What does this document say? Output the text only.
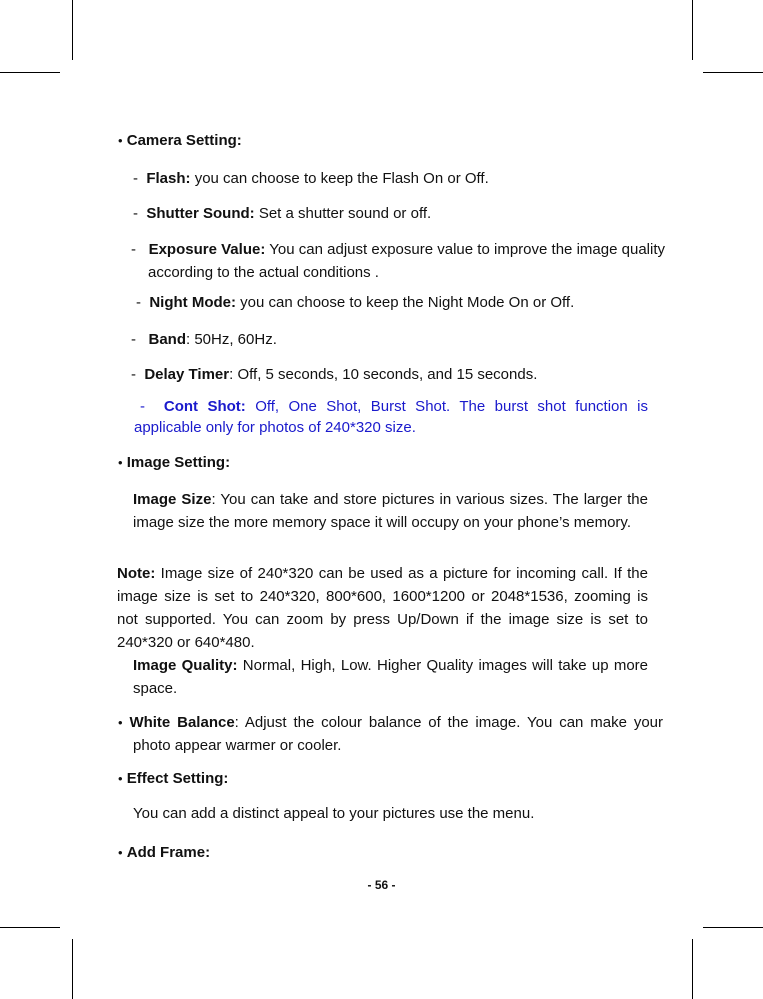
• Camera Setting:

-  Flash: you can choose to keep the Flash On or Off.

-  Shutter Sound: Set a shutter sound or off.

-   Exposure Value: You can adjust exposure value to improve the image quality according to the actual conditions .

-  Night Mode: you can choose to keep the Night Mode On or Off.

-   Band: 50Hz, 60Hz.

-  Delay Timer: Off, 5 seconds, 10 seconds, and 15 seconds.

-  Cont Shot: Off, One Shot, Burst Shot. The burst shot function is applicable only for photos of 240*320 size.

• Image Setting:

Image Size: You can take and store pictures in various sizes. The larger the image size the more memory space it will occupy on your phone’s memory.

Note: Image size of 240*320 can be used as a picture for incoming call. If the image size is set to 240*320, 800*600, 1600*1200 or 2048*1536, zooming is not supported. You can zoom by press Up/Down if the image size is set to 240*320 or 640*480.

Image Quality: Normal, High, Low. Higher Quality images will take up more space.

• White Balance: Adjust the colour balance of the image. You can make your photo appear warmer or cooler.

• Effect Setting:

You can add a distinct appeal to your pictures use the menu.

• Add Frame:

- 56 -
